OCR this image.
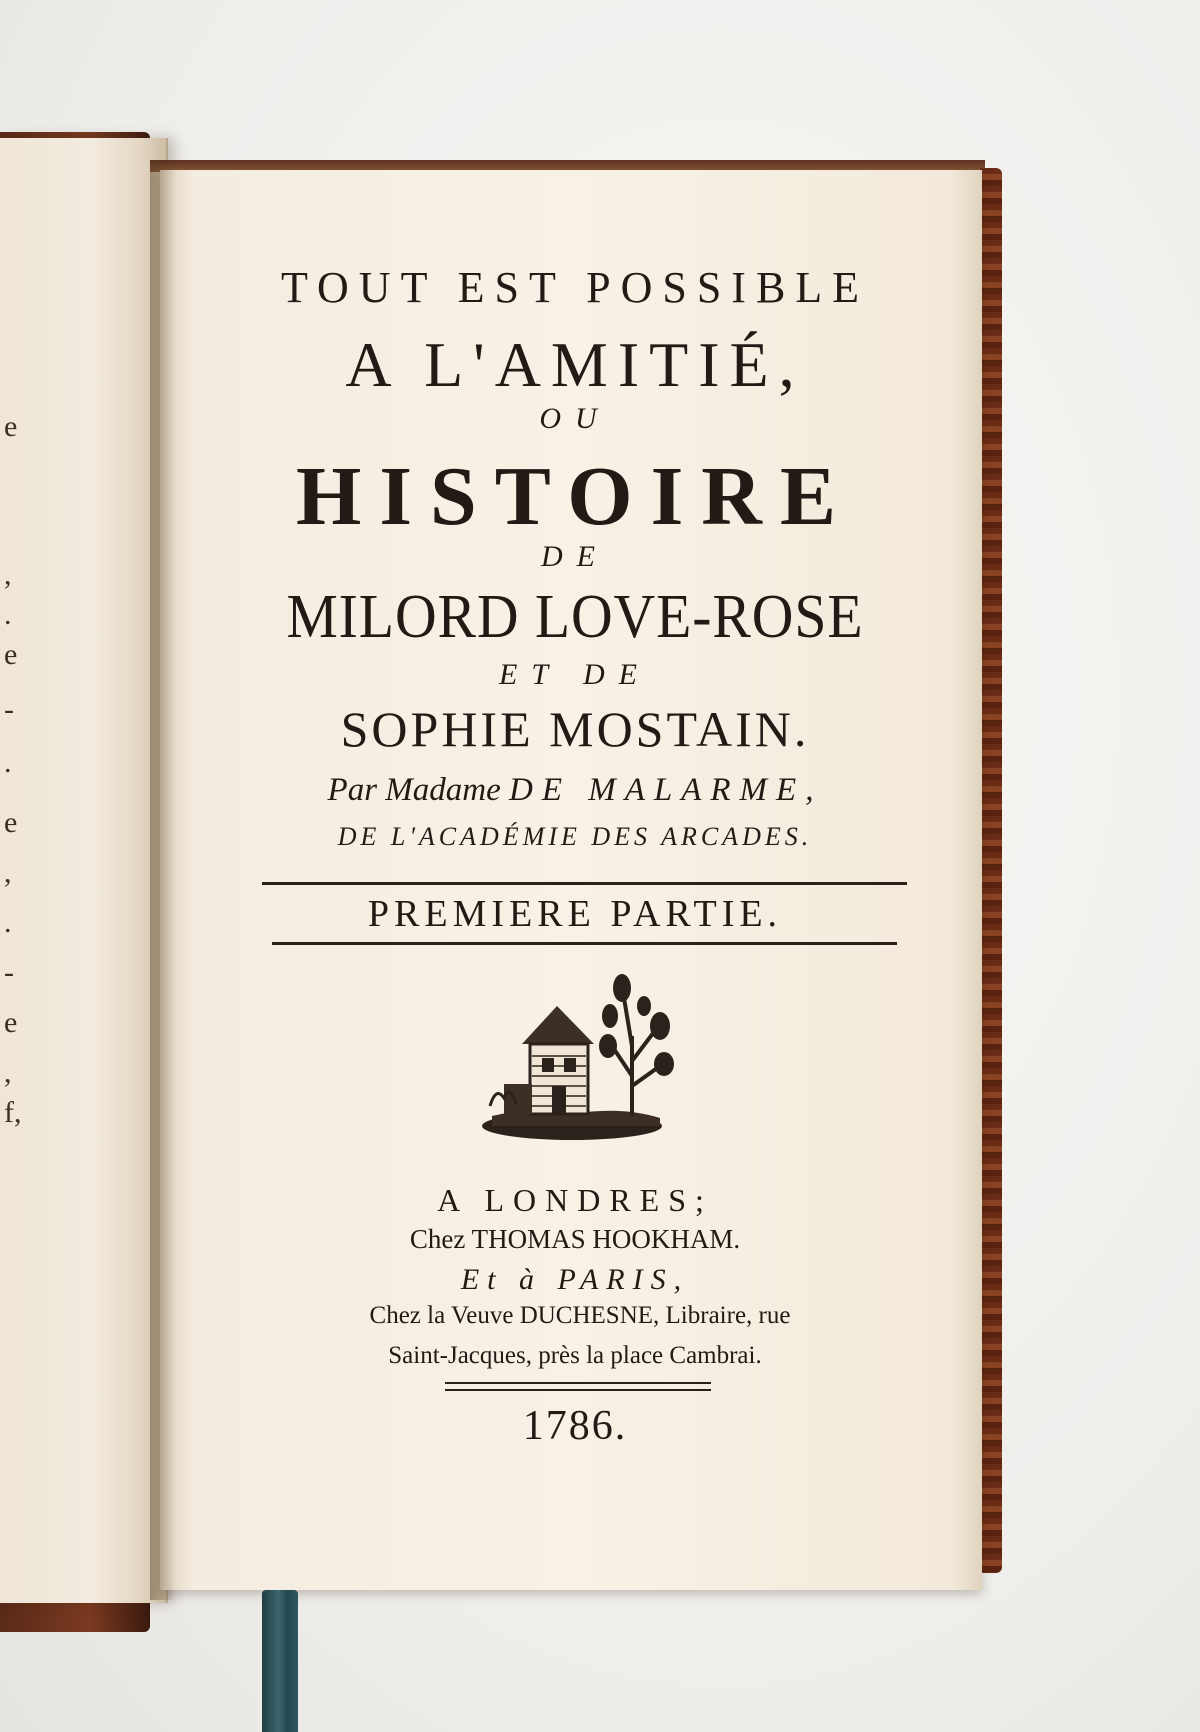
e
,
.
e
-
.
e
,
.
-
e
,
f,

TOUT EST POSSIBLE

A L'AMITIÉ,

OU

HISTOIRE

DE

MILORD LOVE-ROSE

ET DE

SOPHIE MOSTAIN.

Par Madame DE MALARME,

DE L'ACADÉMIE DES ARCADES.

PREMIERE PARTIE.

A LONDRES;

Chez THOMAS HOOKHAM.

Et à PARIS,

Chez la Veuve DUCHESNE, Libraire, rue

Saint-Jacques, près la place Cambrai.

1786.
